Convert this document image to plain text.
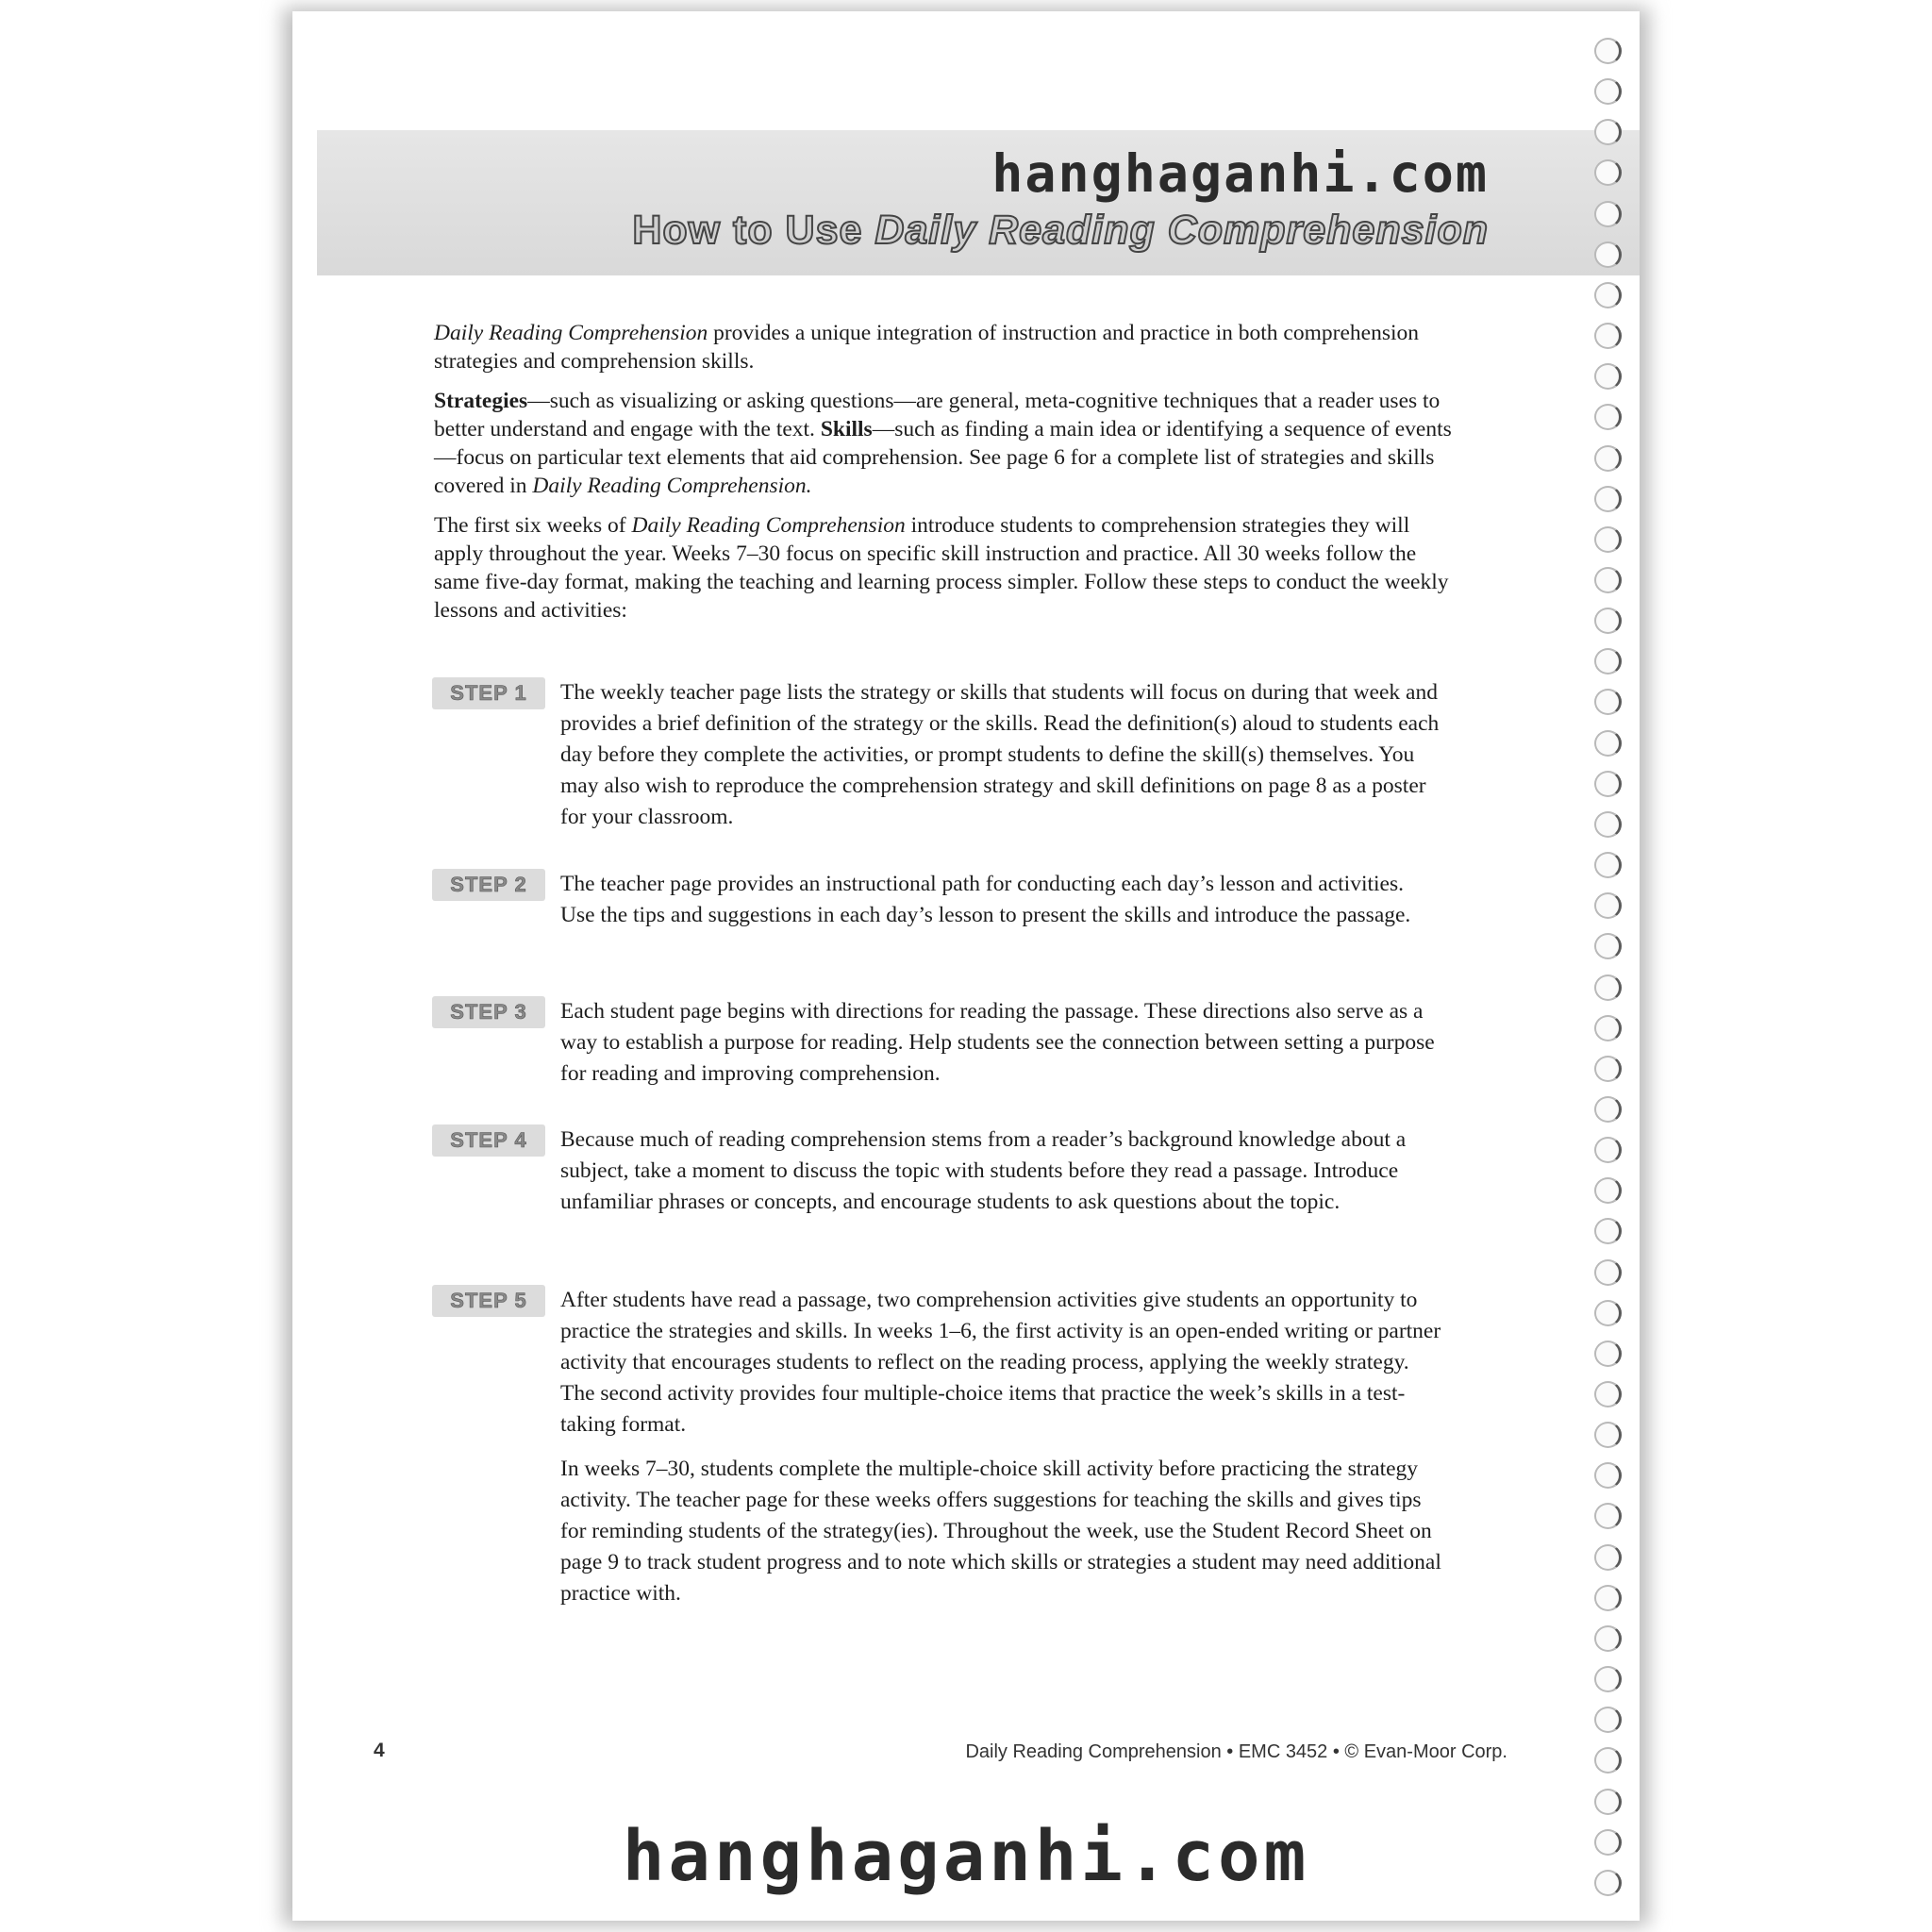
hanghaganhi.com
How to Use Daily Reading Comprehension

Daily Reading Comprehension provides a unique integration of instruction and practice in both comprehension strategies and comprehension skills.

Strategies—such as visualizing or asking questions—are general, meta-cognitive techniques that a reader uses to better understand and engage with the text. Skills—such as finding a main idea or identifying a sequence of events—focus on particular text elements that aid comprehension. See page 6 for a complete list of strategies and skills covered in Daily Reading Comprehension.

The first six weeks of Daily Reading Comprehension introduce students to comprehension strategies they will apply throughout the year. Weeks 7–30 focus on specific skill instruction and practice. All 30 weeks follow the same five-day format, making the teaching and learning process simpler. Follow these steps to conduct the weekly lessons and activities:

STEP 1	The weekly teacher page lists the strategy or skills that students will focus on during that week and provides a brief definition of the strategy or the skills. Read the definition(s) aloud to students each day before they complete the activities, or prompt students to define the skill(s) themselves. You may also wish to reproduce the comprehension strategy and skill definitions on page 8 as a poster for your classroom.

STEP 2	The teacher page provides an instructional path for conducting each day’s lesson and activities. Use the tips and suggestions in each day’s lesson to present the skills and introduce the passage.

STEP 3	Each student page begins with directions for reading the passage. These directions also serve as a way to establish a purpose for reading. Help students see the connection between setting a purpose for reading and improving comprehension.

STEP 4	Because much of reading comprehension stems from a reader’s background knowledge about a subject, take a moment to discuss the topic with students before they read a passage. Introduce unfamiliar phrases or concepts, and encourage students to ask questions about the topic.

STEP 5	After students have read a passage, two comprehension activities give students an opportunity to practice the strategies and skills. In weeks 1–6, the first activity is an open-ended writing or partner activity that encourages students to reflect on the reading process, applying the weekly strategy. The second activity provides four multiple-choice items that practice the week’s skills in a test-taking format.

In weeks 7–30, students complete the multiple-choice skill activity before practicing the strategy activity. The teacher page for these weeks offers suggestions for teaching the skills and gives tips for reminding students of the strategy(ies). Throughout the week, use the Student Record Sheet on page 9 to track student progress and to note which skills or strategies a student may need additional practice with.

4	Daily Reading Comprehension • EMC 3452 • © Evan-Moor Corp.
hanghaganhi.com
